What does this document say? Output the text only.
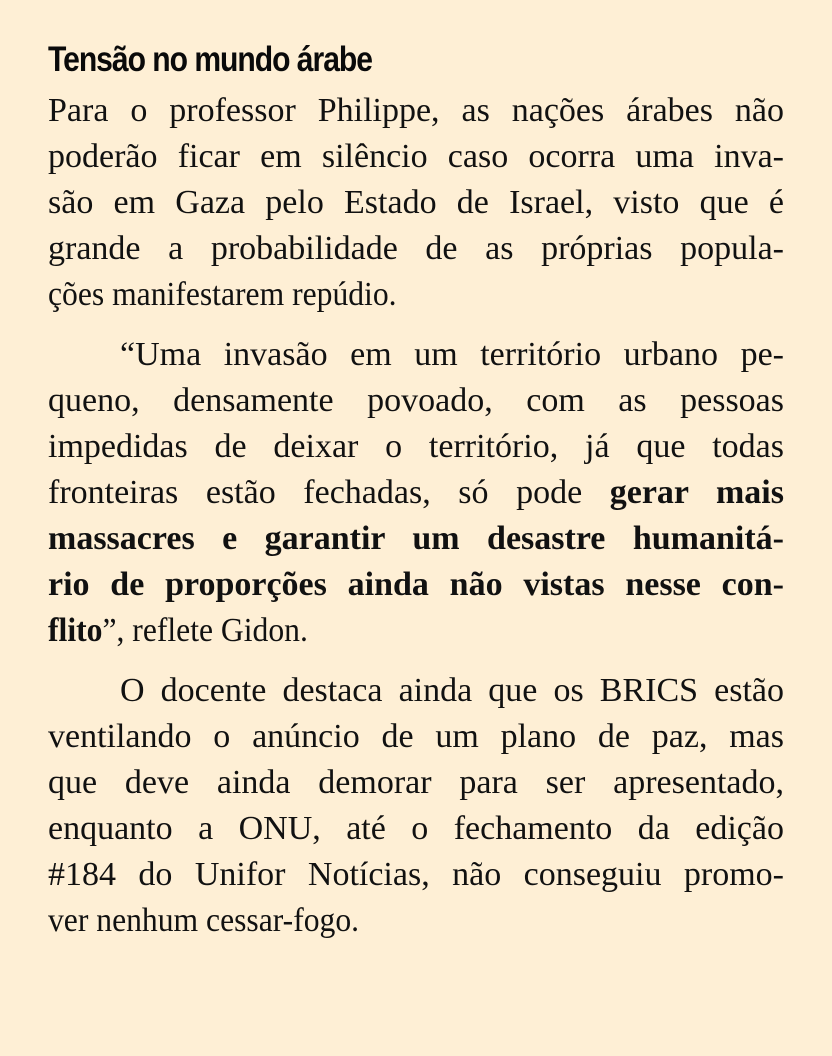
Tensão no mundo árabe

Para o professor Philippe, as nações árabes não
poderão ficar em silêncio caso ocorra uma inva-
são em Gaza pelo Estado de Israel, visto que é
grande a probabilidade de as próprias popula-
ções manifestarem repúdio.

“Uma invasão em um território urbano pe-
queno, densamente povoado, com as pessoas
impedidas de deixar o território, já que todas
fronteiras estão fechadas, só pode gerar mais
massacres e garantir um desastre humanitá-
rio de proporções ainda não vistas nesse con-
flito”, reflete Gidon.

O docente destaca ainda que os BRICS estão
ventilando o anúncio de um plano de paz, mas
que deve ainda demorar para ser apresentado,
enquanto a ONU, até o fechamento da edição
#184 do Unifor Notícias, não conseguiu promo-
ver nenhum cessar-fogo.
